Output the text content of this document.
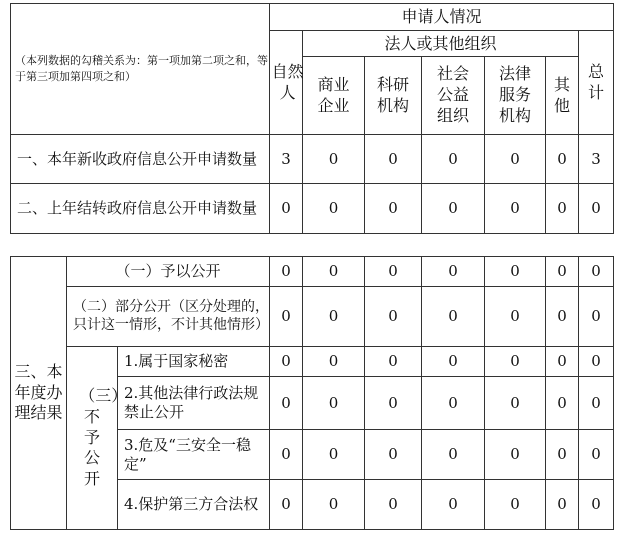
（本列数据的勾稽关系为：第一项加第二项之和，等于第三项加第四项之和）	申请人情况						
	自然人	法人或其他组织					总计
		商业企业	科研机构	社会公益组织	法律服务机构	其他	
一、本年新收政府信息公开申请数量	3	0	0	0	0	0	3
二、上年结转政府信息公开申请数量	0	0	0	0	0	0	0
三、本年度办理结果	（一）予以公开		0	0	0	0	0	0	0
	（二）部分公开（区分处理的，只计这一情形，不计其他情形）		0	0	0	0	0	0	0
	（三）不予公开	1.属于国家秘密	0	0	0	0	0	0	0
		2.其他法律行政法规禁止公开	0	0	0	0	0	0	0
		3.危及“三安全一稳定”	0	0	0	0	0	0	0
		4.保护第三方合法权	0	0	0	0	0	0	0
